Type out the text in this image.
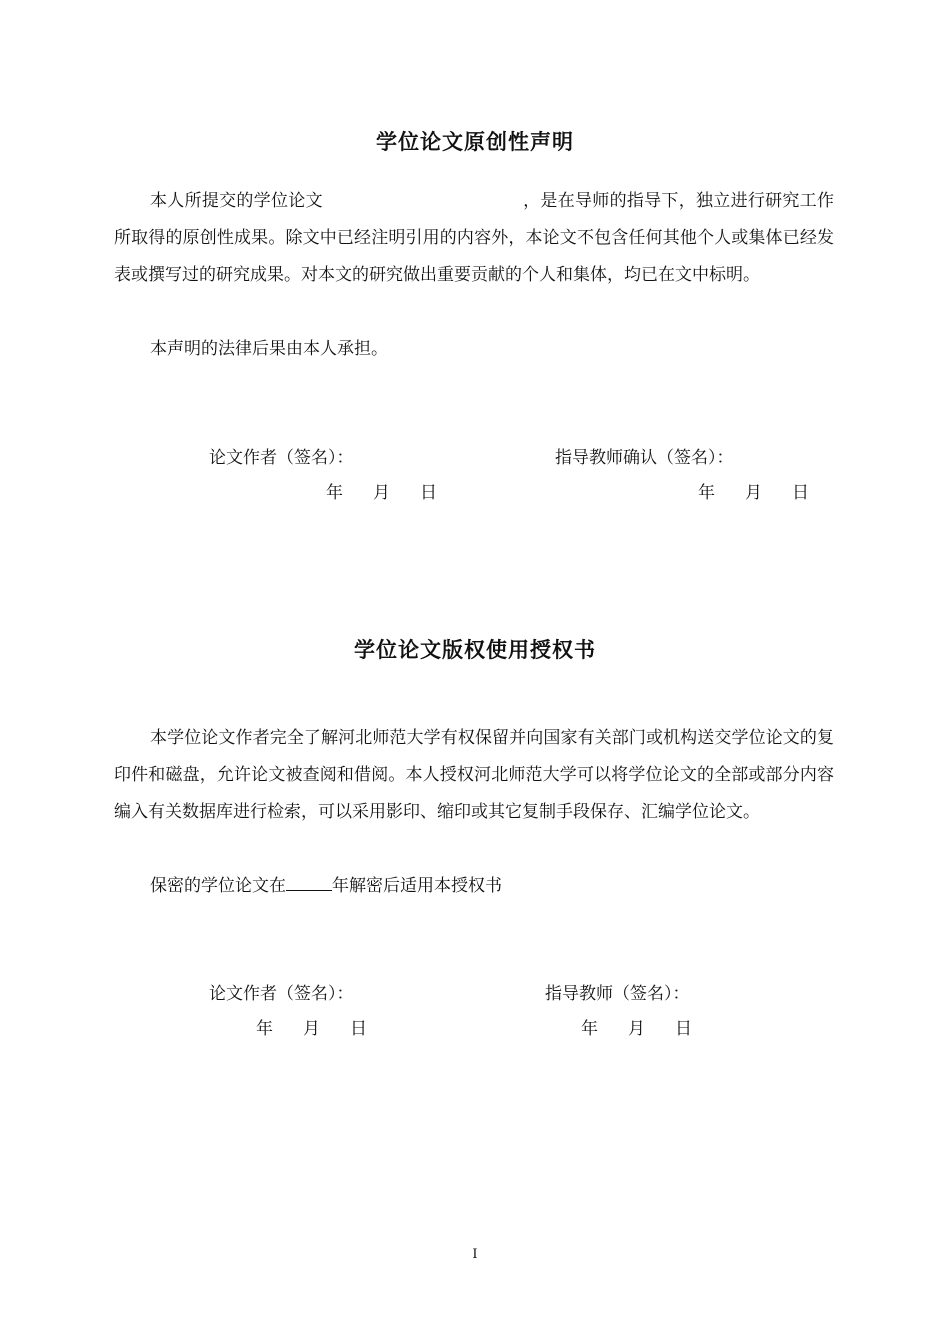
学位论文原创性声明

本人所提交的学位论文	，是在导师的指导下，独立进行研究工作所取得的原创性成果。除文中已经注明引用的内容外，本论文不包含任何其他个人或集体已经发表或撰写过的研究成果。对本文的研究做出重要贡献的个人和集体，均已在文中标明。

本声明的法律后果由本人承担。

论文作者（签名）：	指导教师确认（签名）：
年 月 日	年 月 日
学位论文版权使用授权书

本学位论文作者完全了解河北师范大学有权保留并向国家有关部门或机构送交学位论文的复印件和磁盘，允许论文被查阅和借阅。本人授权河北师范大学可以将学位论文的全部或部分内容编入有关数据库进行检索，可以采用影印、缩印或其它复制手段保存、汇编学位论文。

保密的学位论文在	年解密后适用本授权书

论文作者（签名）：	指导教师（签名）：
年 月 日	年 月 日
I
